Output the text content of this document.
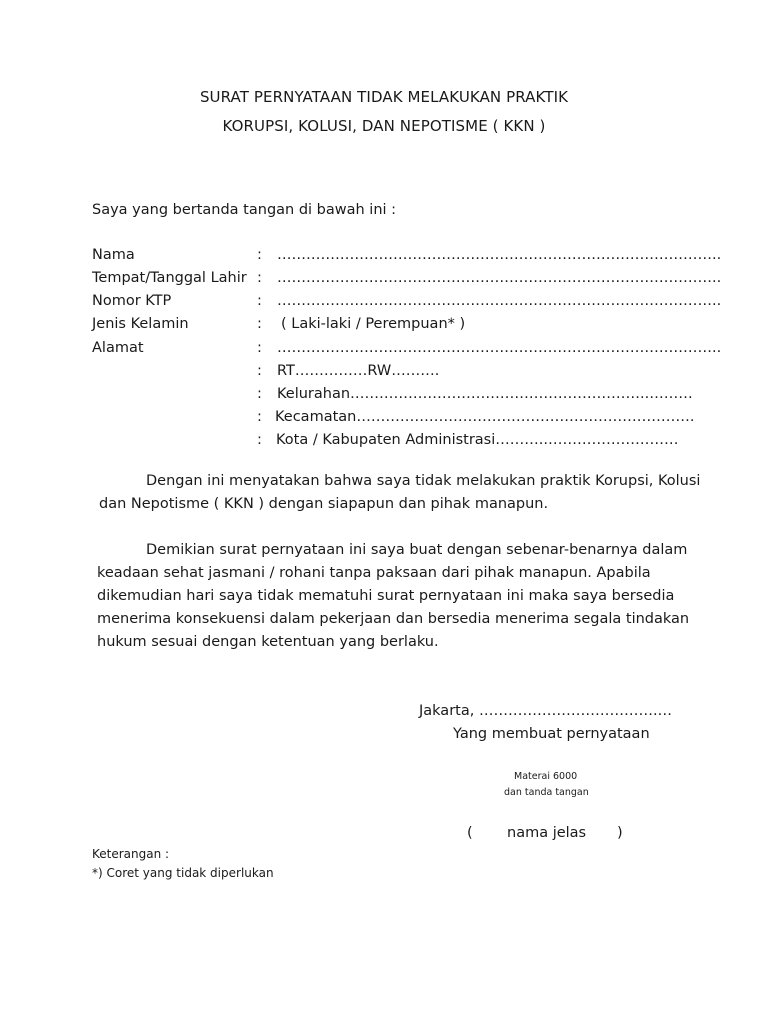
SURAT PERNYATAAN TIDAK MELAKUKAN PRAKTIK
KORUPSI, KOLUSI, DAN NEPOTISME ( KKN )
Saya yang bertanda tangan di bawah ini :
Nama	: ………………………………………………………………………………..
Tempat/Tanggal Lahir : ………………………………………………………………………………..
Nomor KTP	: ………………………………………………………………………………..
Jenis Kelamin	: ( Laki-laki / Perempuan* )
Alamat	: ………………………………………………………………………………..
: RT……………RW……….
: Kelurahan……………………………………………………..………
: Kecamatan…………………………………………………………….
: Kota / Kabupaten Administrasi………..………………………
Dengan ini menyatakan bahwa saya tidak melakukan praktik Korupsi, Kolusi
dan Nepotisme ( KKN ) dengan siapapun dan pihak manapun.
Demikian surat pernyataan ini saya buat dengan sebenar-benarnya dalam
keadaan sehat jasmani / rohani tanpa paksaan dari pihak manapun. Apabila
dikemudian hari saya tidak mematuhi surat pernyataan ini maka saya bersedia
menerima konsekuensi dalam pekerjaan dan bersedia menerima segala tindakan
hukum sesuai dengan ketentuan yang berlaku.
Jakarta, ……………………………….…
Yang membuat pernyataan
Materai 6000
dan tanda tangan
( nama jelas )
Keterangan :
*) Coret yang tidak diperlukan
